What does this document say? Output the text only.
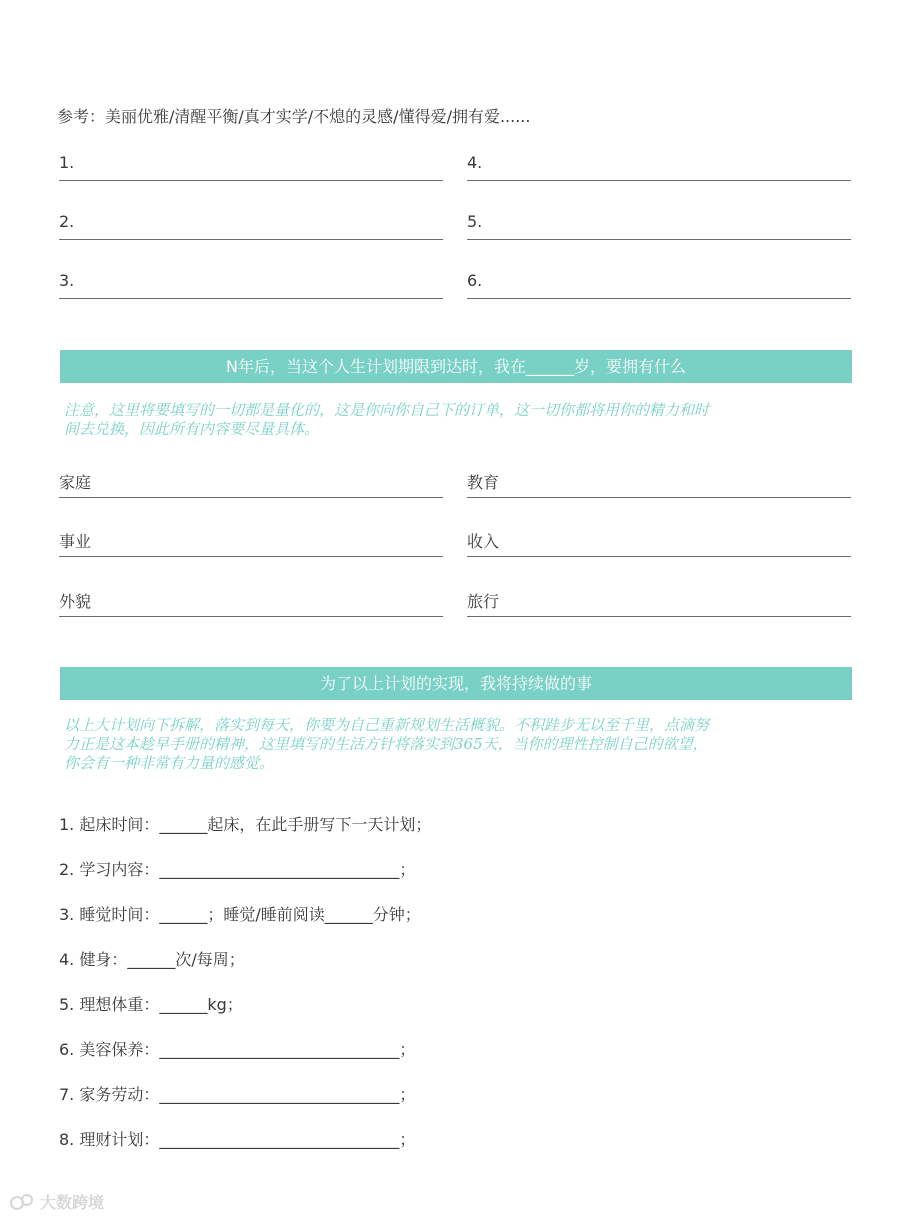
参考：美丽优雅/清醒平衡/真才实学/不熄的灵感/懂得爱/拥有爱......
1.
2.
3.
4.
5.
6.
N年后，当这个人生计划期限到达时，我在______岁，要拥有什么
注意，这里将要填写的一切都是量化的，这是你向你自己下的订单，这一切你都将用你的精力和时
间去兑换，因此所有内容要尽量具体。
家庭
事业
外貌
教育
收入
旅行
为了以上计划的实现，我将持续做的事
以上大计划向下拆解，落实到每天，你要为自己重新规划生活概貌。不积跬步无以至千里，点滴努
力正是这本趁早手册的精神，这里填写的生活方针将落实到365天，当你的理性控制自己的欲望，
你会有一种非常有力量的感觉。
1. 起床时间：______起床，在此手册写下一天计划；
2. 学习内容：______________________________；
3. 睡觉时间：______；睡觉/睡前阅读______分钟；
4. 健身：______次/每周；
5. 理想体重：______kg；
6. 美容保养：______________________________；
7. 家务劳动：______________________________；
8. 理财计划：______________________________；
大数跨境
